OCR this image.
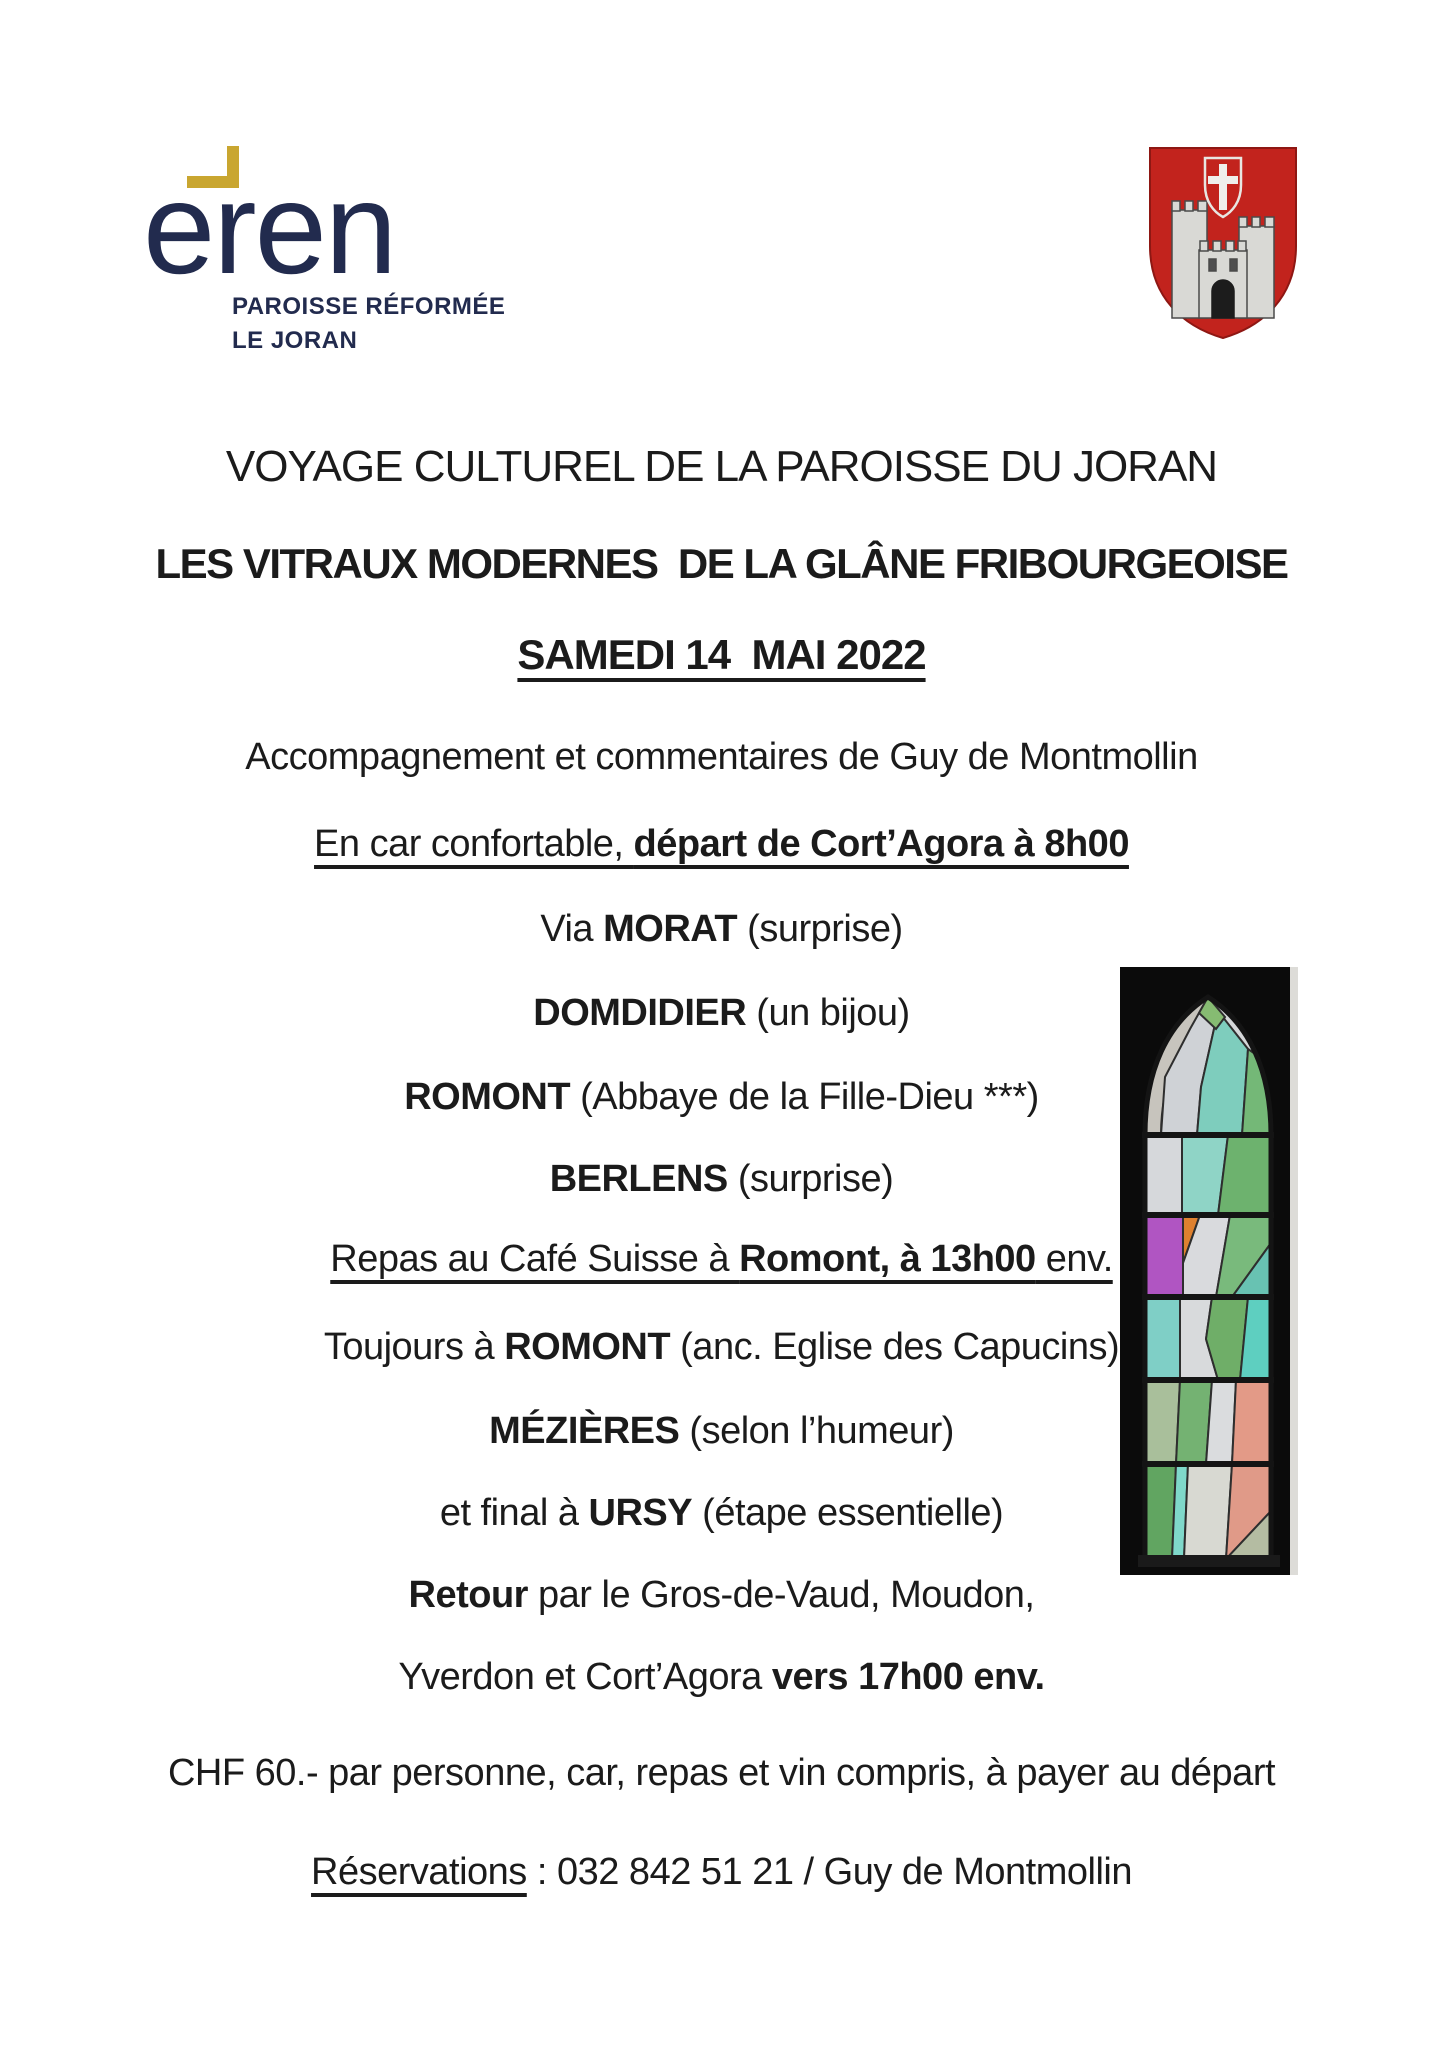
eren
PAROISSE RÉFORMÉE
LE JORAN
VOYAGE CULTUREL DE LA PAROISSE DU JORAN
LES VITRAUX MODERNES  DE LA GLÂNE FRIBOURGEOISE
SAMEDI 14  MAI 2022
Accompagnement et commentaires de Guy de Montmollin
En car confortable, départ de Cort’Agora à 8h00
Via MORAT (surprise)
DOMDIDIER (un bijou)
ROMONT (Abbaye de la Fille-Dieu ***)
BERLENS (surprise)
Repas au Café Suisse à Romont, à 13h00 env.
Toujours à ROMONT (anc. Eglise des Capucins)
MÉZIÈRES (selon l’humeur)
et final à URSY (étape essentielle)
Retour par le Gros-de-Vaud, Moudon,
Yverdon et Cort’Agora vers 17h00 env.
CHF 60.- par personne, car, repas et vin compris, à payer au départ
Réservations : 032 842 51 21 / Guy de Montmollin
